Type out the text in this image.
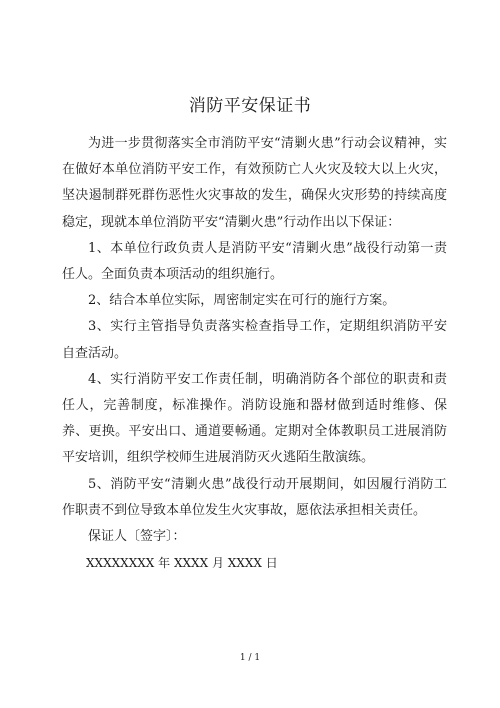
消防平安保证书

为进一步贯彻落实全市消防平安“清剿火患”行动会议精神，实在做好本单位消防平安工作，有效预防亡人火灾及较大以上火灾，坚决遏制群死群伤恶性火灾事故的发生，确保火灾形势的持续高度稳定，现就本单位消防平安“清剿火患”行动作出以下保证：

1、本单位行政负责人是消防平安“清剿火患”战役行动第一责任人。全面负责本项活动的组织施行。

2、结合本单位实际，周密制定实在可行的施行方案。

3、实行主管指导负责落实检查指导工作，定期组织消防平安自查活动。

4、实行消防平安工作责任制，明确消防各个部位的职责和责任人，完善制度，标准操作。消防设施和器材做到适时维修、保养、更换。平安出口、通道要畅通。定期对全体教职员工进展消防平安培训，组织学校师生进展消防灭火逃陌生散演练。

5、消防平安“清剿火患”战役行动开展期间，如因履行消防工作职责不到位导致本单位发生火灾事故，愿依法承担相关责任。

保证人〔签字〕：

XXXXXXXX 年 XXXX 月 XXXX 日

1 / 1
